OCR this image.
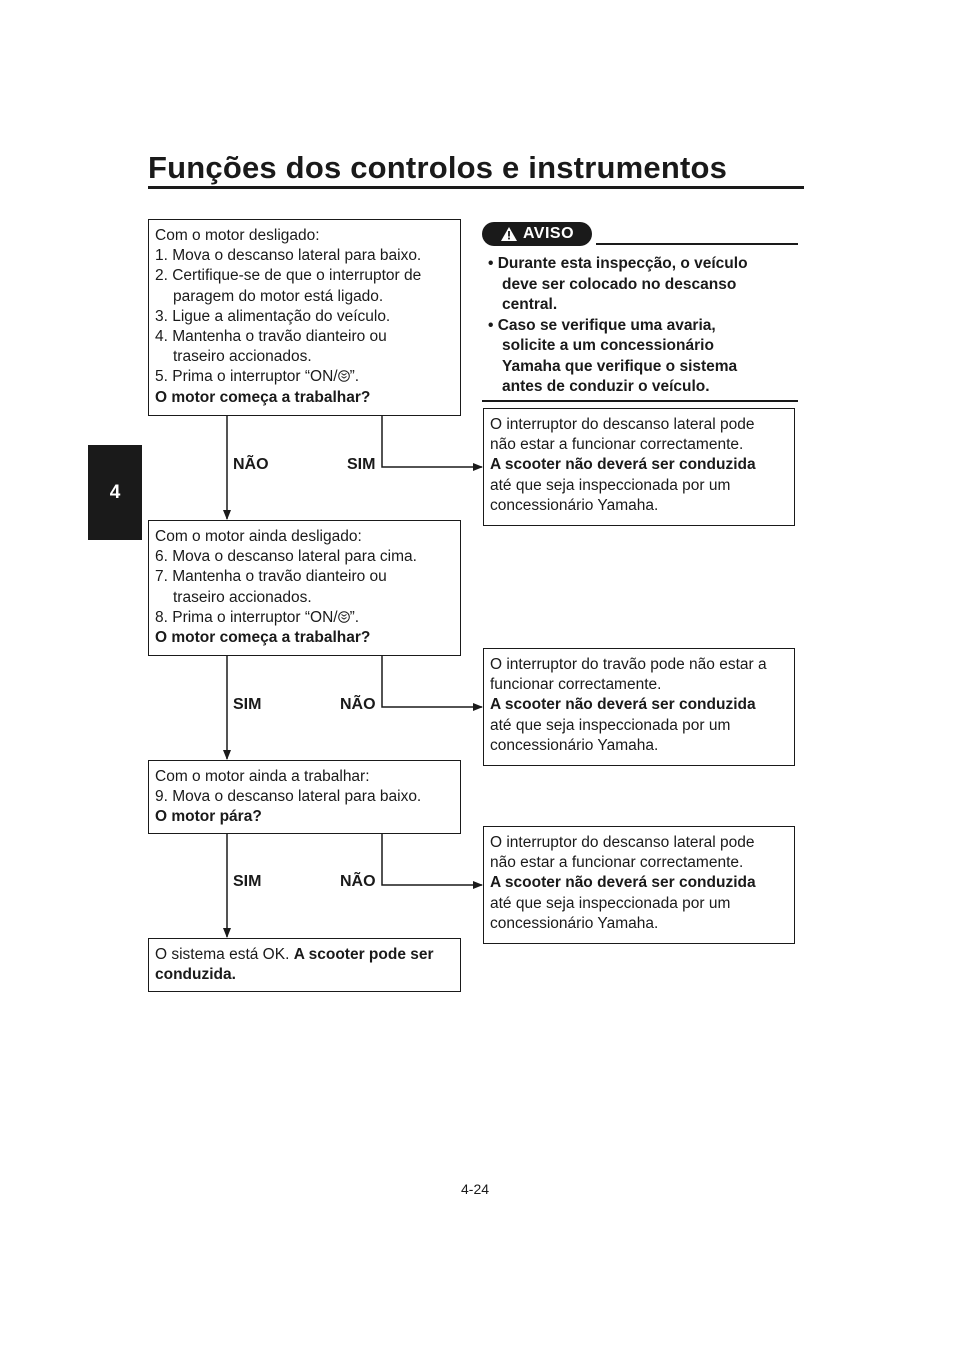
Funções dos controlos e instrumentos
4
Com o motor desligado:
1. Mova o descanso lateral para baixo.
2. Certifique-se de que o interruptor de
paragem do motor está ligado.
3. Ligue a alimentação do veículo.
4. Mantenha o travão dianteiro ou
traseiro accionados.
5. Prima o interruptor “ON/ ”.
O motor começa a trabalhar?
AVISO
• Durante esta inspecção, o veículo
deve ser colocado no descanso
central.
• Caso se verifique uma avaria,
solicite a um concessionário
Yamaha que verifique o sistema
antes de conduzir o veículo.
O interruptor do descanso lateral pode
não estar a funcionar correctamente.
A scooter não deverá ser conduzida
até que seja inspeccionada por um
concessionário Yamaha.
NÃO	SIM
Com o motor ainda desligado:
6. Mova o descanso lateral para cima.
7. Mantenha o travão dianteiro ou
traseiro accionados.
8. Prima o interruptor “ON/ ”.
O motor começa a trabalhar?
O interruptor do travão pode não estar a
funcionar correctamente.
A scooter não deverá ser conduzida
até que seja inspeccionada por um
concessionário Yamaha.
SIM	NÃO
Com o motor ainda a trabalhar:
9. Mova o descanso lateral para baixo.
O motor pára?
O interruptor do descanso lateral pode
não estar a funcionar correctamente.
A scooter não deverá ser conduzida
até que seja inspeccionada por um
concessionário Yamaha.
SIM	NÃO
O sistema está OK. A scooter pode ser
conduzida.
4-24
